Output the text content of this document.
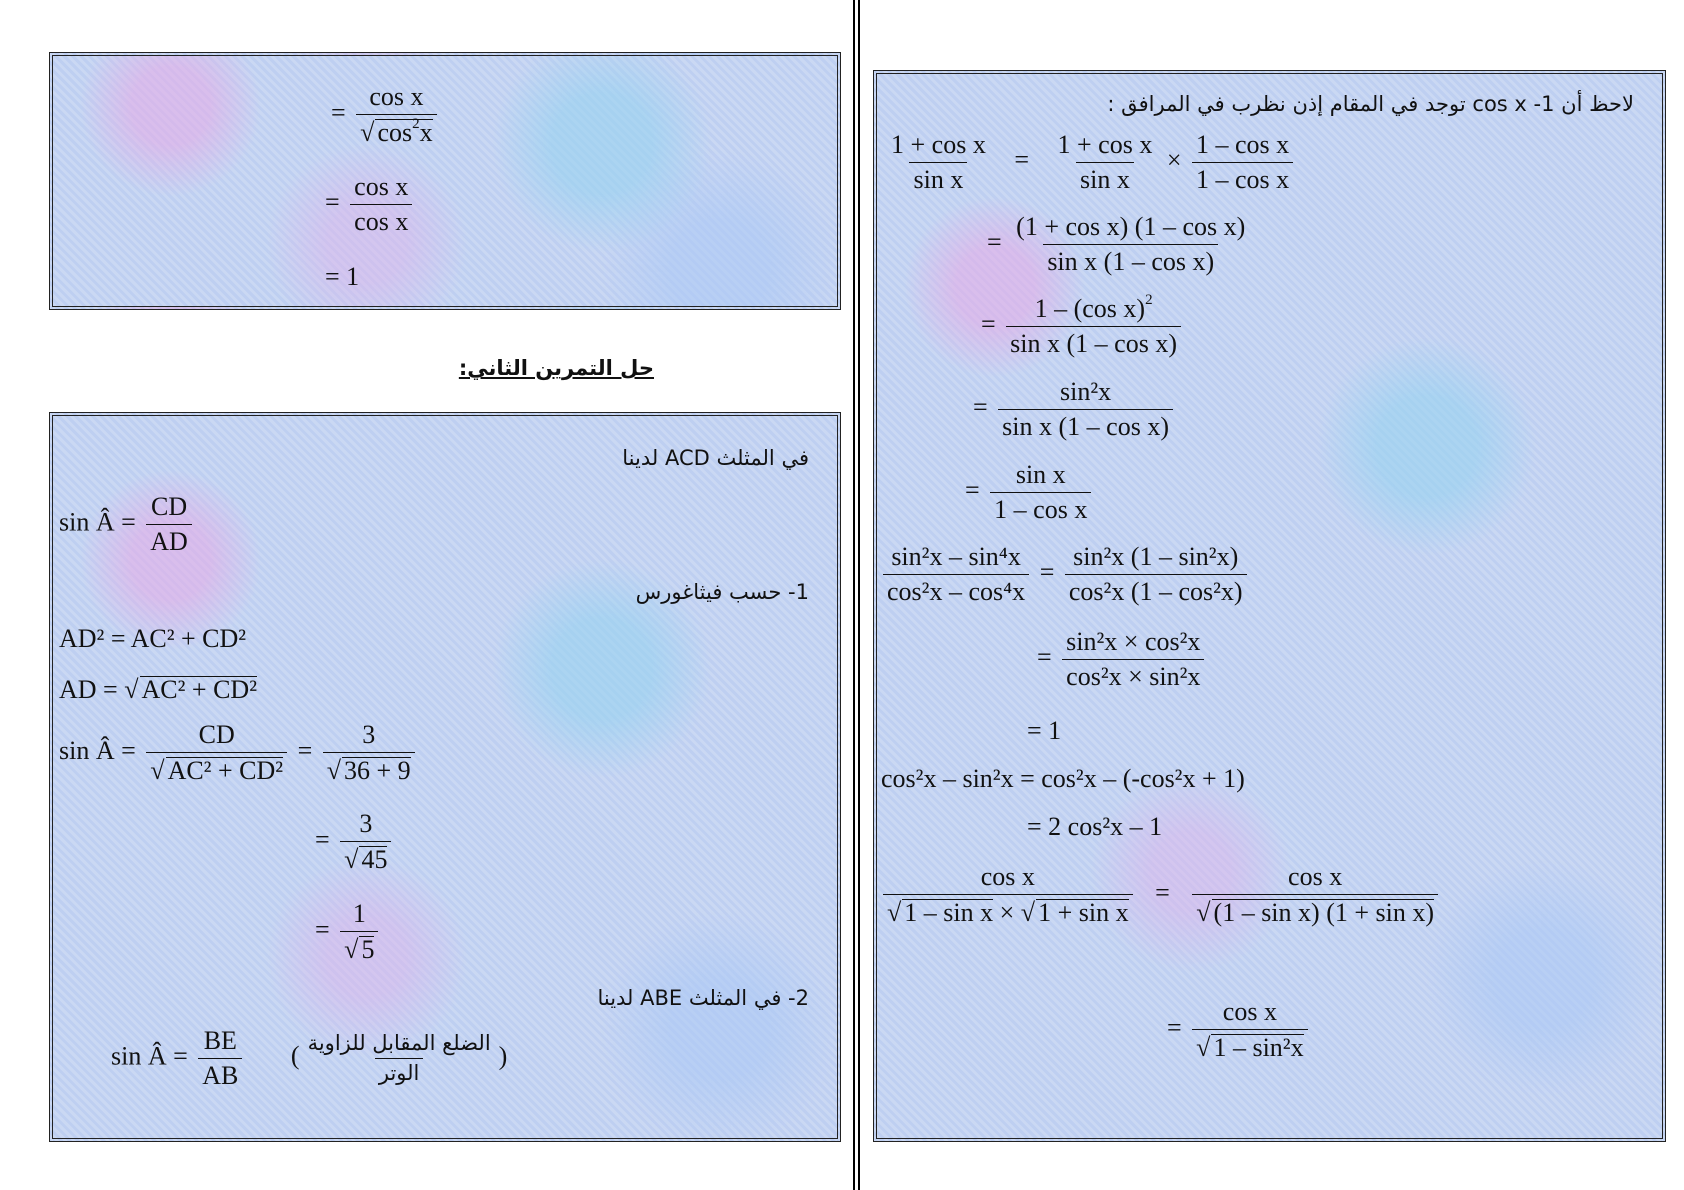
= $\frac{\text{cos x}}{√ \cos^2x}$
= $\frac{\text{cos x}}{\text{cos x}}$
= 1
حل التمرين الثاني:
في المثلث ACD لدينا
sin Â = $\frac{CD}{AD}$
1- حسب فيثاغورس
AD² = AC² + CD²
AD = √ AC² + CD²
sin Â = $\frac{CD}{\text{√ AC² + CD²}} = \frac{3}{√ 36 + 9}$
= $\frac{3}{√ 45}$
= $\frac{1}{√ 5}$
2- في المثلث ABE لدينا
sin Â = $\frac{BE}{AB}$ ( الضلع المقابل للزاوية
الوتر
)
لاحظ أن 1- cos x توجد في المقام إذن نظرب في المرافق :
$\frac{\text{1 + cos x}}{\text{sin x}} = \frac{\text{1 + cos x}}{\text{sin x}} \times \frac{\text{1 – cos x}}{\text{1 – cos x}}$
= $\frac{\text{(1 + cos x) (1 – cos x)}}{\text{sin x (1 – cos x)}}$
= $\frac{1 - (\cos x)^2}{\text{sin x (1 – cos x)}}$
= $\frac{\text{sin²x}}{\text{sin x (1 – cos x)}}$
= $\frac{\text{sin x}}{\text{1 – cos x}}$
$\frac{\text{sin²x – sin⁴x}}{\text{cos²x – cos⁴x}} = \frac{\text{sin²x (1 – sin²x)}}{\text{cos²x (1 – cos²x)}}$
= $\frac{\text{sin²x × cos²x}}{\text{cos²x × sin²x}}$
= 1
cos²x – sin²x = cos²x – (-cos²x + 1)
= 2 cos²x – 1
$\frac{\text{cos x}}{\text{√ 1 – sin x × √ 1 + sin x}} = \frac{\text{cos x}}{\text{√ (1 – sin x) (1 + sin x)}}$
= $\frac{\text{cos x}}{\text{√ 1 – sin²x}}$
